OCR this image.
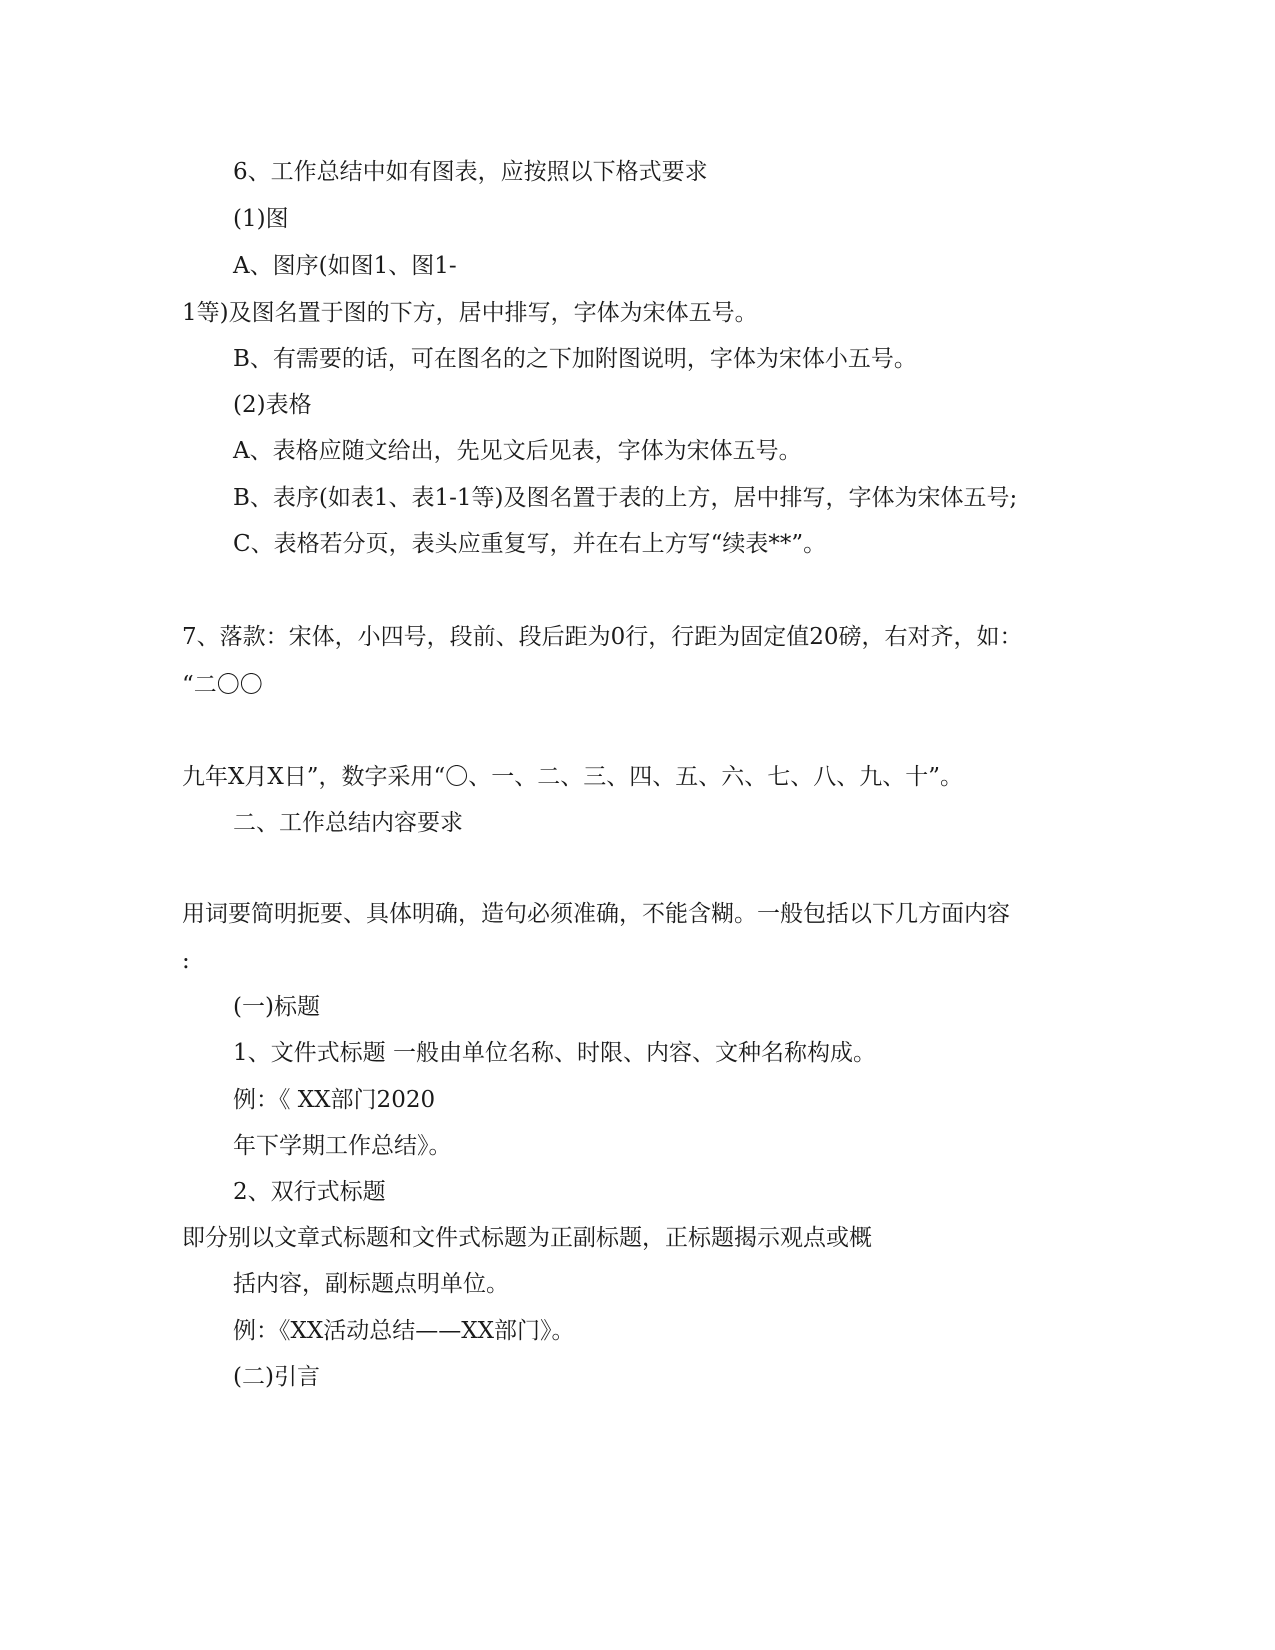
6、工作总结中如有图表，应按照以下格式要求

(1)图

A、图序(如图1、图1-

1等)及图名置于图的下方，居中排写，字体为宋体五号。

B、有需要的话，可在图名的之下加附图说明，字体为宋体小五号。

(2)表格

A、表格应随文给出，先见文后见表，字体为宋体五号。

B、表序(如表1、表1-1等)及图名置于表的上方，居中排写，字体为宋体五号;

C、表格若分页，表头应重复写，并在右上方写“续表**”。

7、落款：宋体，小四号，段前、段后距为0行，行距为固定值20磅，右对齐，如：

“二〇〇

九年X月X日”，数字采用“〇、一、二、三、四、五、六、七、八、九、十”。

二、工作总结内容要求

用词要简明扼要、具体明确，造句必须准确，不能含糊。一般包括以下几方面内容

:

(一)标题

1、文件式标题 一般由单位名称、时限、内容、文种名称构成。

例：《 XX部门2020

年下学期工作总结》。

2、双行式标题

即分别以文章式标题和文件式标题为正副标题，正标题揭示观点或概

括内容，副标题点明单位。

例：《XX活动总结——XX部门》。

(二)引言
